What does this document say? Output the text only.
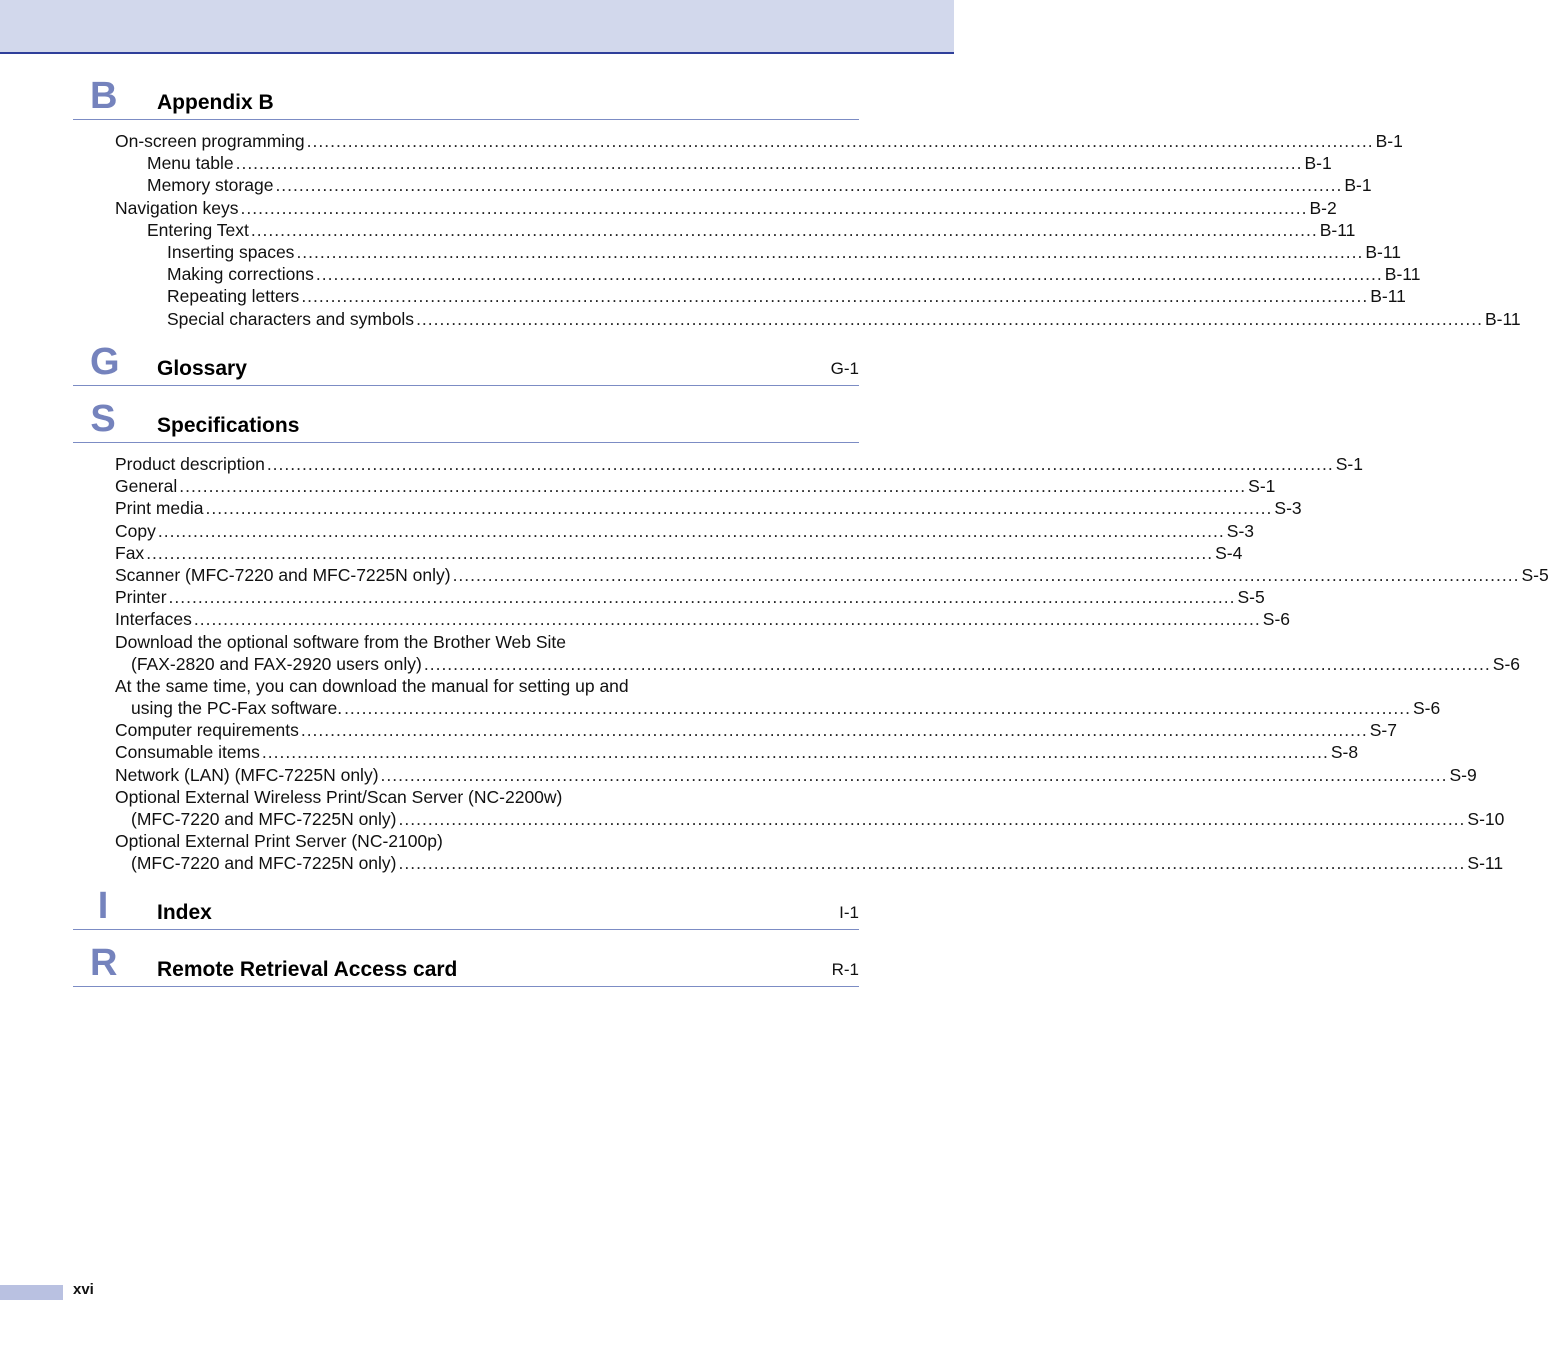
B Appendix B
On-screen programming ...................................................................................................................................................................................... B-1
Menu table ...................................................................................................................................................................................... B-1
Memory storage ...................................................................................................................................................................................... B-1
Navigation keys ...................................................................................................................................................................................... B-2
Entering Text ...................................................................................................................................................................................... B-11
Inserting spaces ...................................................................................................................................................................................... B-11
Making corrections ...................................................................................................................................................................................... B-11
Repeating letters ...................................................................................................................................................................................... B-11
Special characters and symbols ...................................................................................................................................................................................... B-11
G Glossary	G-1
S Specifications
Product description ...................................................................................................................................................................................... S-1
General ...................................................................................................................................................................................... S-1
Print media ...................................................................................................................................................................................... S-3
Copy ...................................................................................................................................................................................... S-3
Fax ...................................................................................................................................................................................... S-4
Scanner (MFC-7220 and MFC-7225N only) ...................................................................................................................................................................................... S-5
Printer ...................................................................................................................................................................................... S-5
Interfaces ...................................................................................................................................................................................... S-6
Download the optional software from the Brother Web Site
(FAX-2820 and FAX-2920 users only) ...................................................................................................................................................................................... S-6
At the same time, you can download the manual for setting up and
using the PC-Fax software. ...................................................................................................................................................................................... S-6
Computer requirements ...................................................................................................................................................................................... S-7
Consumable items ...................................................................................................................................................................................... S-8
Network (LAN) (MFC-7225N only) ...................................................................................................................................................................................... S-9
Optional External Wireless Print/Scan Server (NC-2200w)
(MFC-7220 and MFC-7225N only) ...................................................................................................................................................................................... S-10
Optional External Print Server (NC-2100p)
(MFC-7220 and MFC-7225N only) ...................................................................................................................................................................................... S-11
I	Index	I-1
R Remote Retrieval Access card	R-1
xvi
